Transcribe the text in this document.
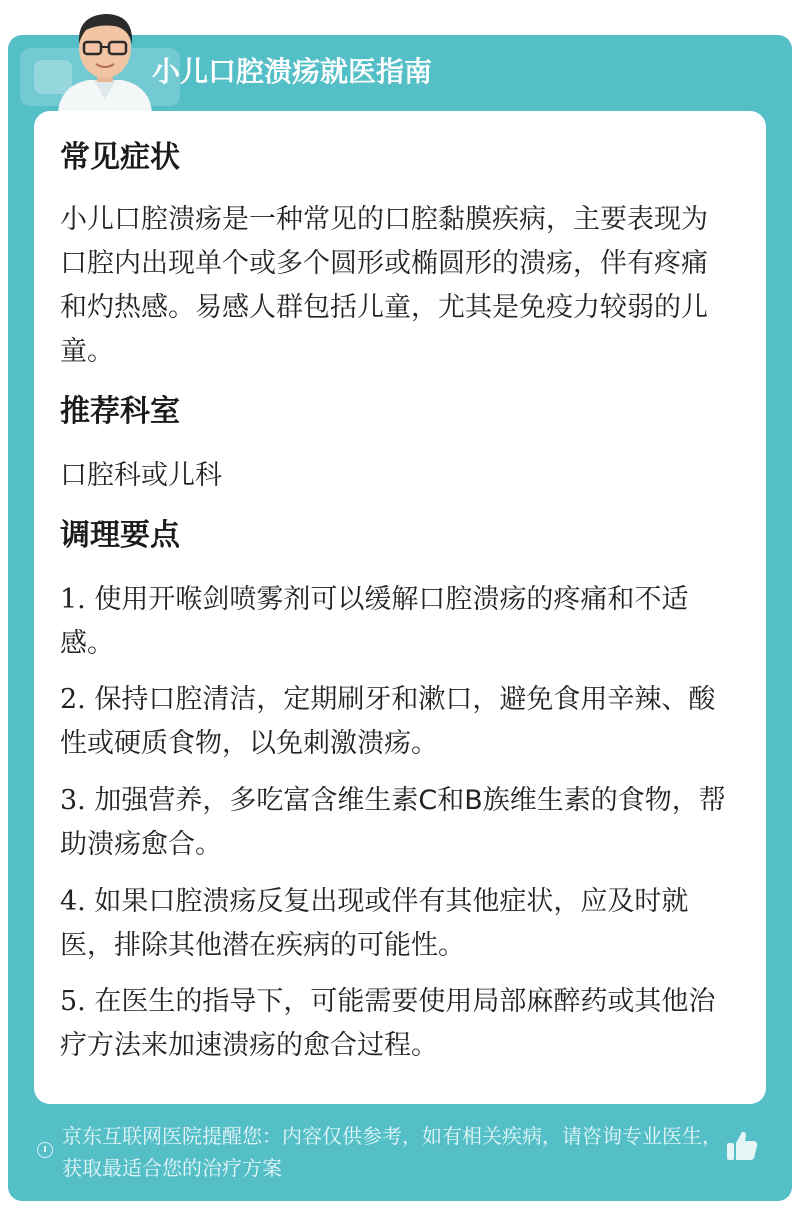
小儿口腔溃疡就医指南
常见症状
小儿口腔溃疡是一种常见的口腔黏膜疾病，主要表现为口腔内出现单个或多个圆形或椭圆形的溃疡，伴有疼痛和灼热感。易感人群包括儿童，尤其是免疫力较弱的儿童。
推荐科室
口腔科或儿科
调理要点
1. 使用开喉剑喷雾剂可以缓解口腔溃疡的疼痛和不适感。
2. 保持口腔清洁，定期刷牙和漱口，避免食用辛辣、酸性或硬质食物，以免刺激溃疡。
3. 加强营养，多吃富含维生素C和B族维生素的食物，帮助溃疡愈合。
4. 如果口腔溃疡反复出现或伴有其他症状，应及时就医，排除其他潜在疾病的可能性。
5. 在医生的指导下，可能需要使用局部麻醉药或其他治疗方法来加速溃疡的愈合过程。
京东互联网医院提醒您：内容仅供参考，如有相关疾病，请咨询专业医生，获取最适合您的治疗方案
